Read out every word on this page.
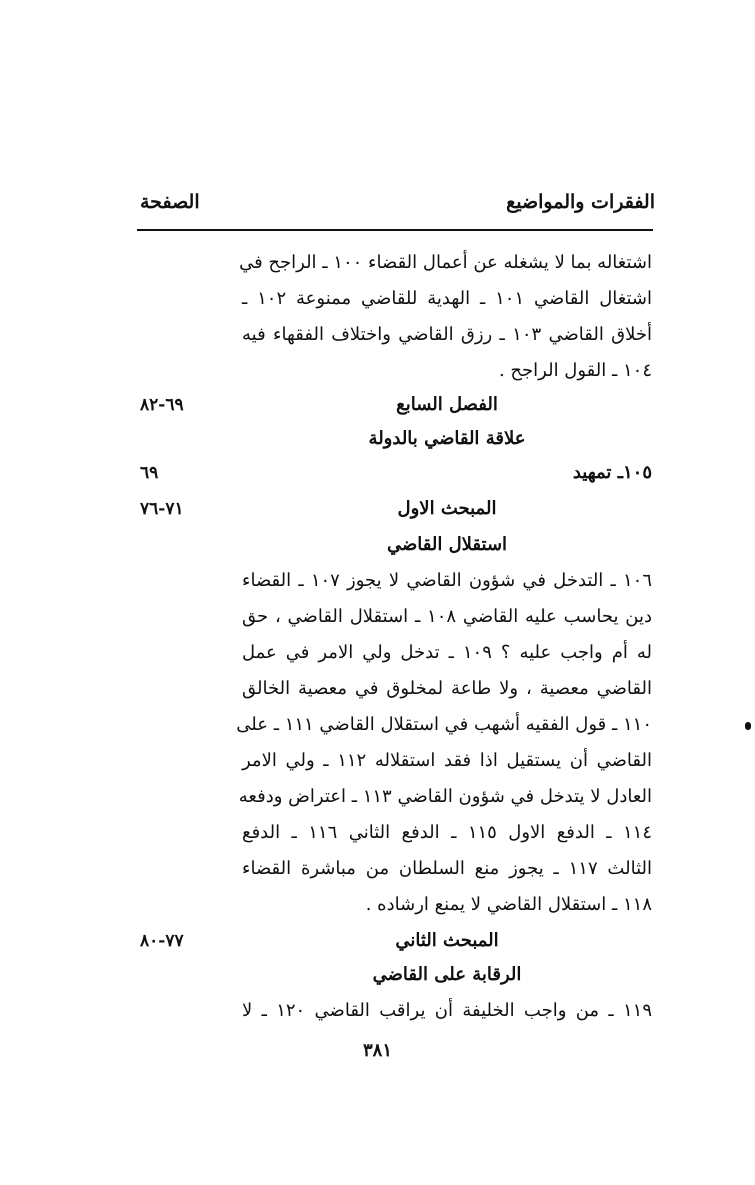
الفقرات والمواضيع
الصفحة
اشتغاله بما لا يشغله عن أعمال القضاء ١٠٠ ـ الراجح في
اشتغال القاضي ١٠١ ـ الهدية للقاضي ممنوعة ١٠٢ ـ
أخلاق القاضي ١٠٣ ـ رزق القاضي واختلاف الفقهاء فيه
١٠٤ ـ القول الراجح .
الفصل السابع
٦٩-٨٢
علاقة القاضي بالدولة
١٠٥ـ تمهيد
٦٩
المبحث الاول
٧١-٧٦
استقلال القاضي
١٠٦ ـ التدخل في شؤون القاضي لا يجوز ١٠٧ ـ القضاء
دين يحاسب عليه القاضي ١٠٨ ـ استقلال القاضي ، حق
له أم واجب عليه ؟ ١٠٩ ـ تدخل ولي الامر في عمل
القاضي معصية ، ولا طاعة لمخلوق في معصية الخالق
١١٠ ـ قول الفقيه أشهب في استقلال القاضي ١١١ ـ على
القاضي أن يستقيل اذا فقد استقلاله ١١٢ ـ ولي الامر
العادل لا يتدخل في شؤون القاضي ١١٣ ـ اعتراض ودفعه
١١٤ ـ الدفع الاول ١١٥ ـ الدفع الثاني ١١٦ ـ الدفع
الثالث ١١٧ ـ يجوز منع السلطان من مباشرة القضاء
١١٨ ـ استقلال القاضي لا يمنع ارشاده .
المبحث الثاني
٧٧-٨٠
الرقابة على القاضي
١١٩ ـ من واجب الخليفة أن يراقب القاضي ١٢٠ ـ لا
٣٨١
